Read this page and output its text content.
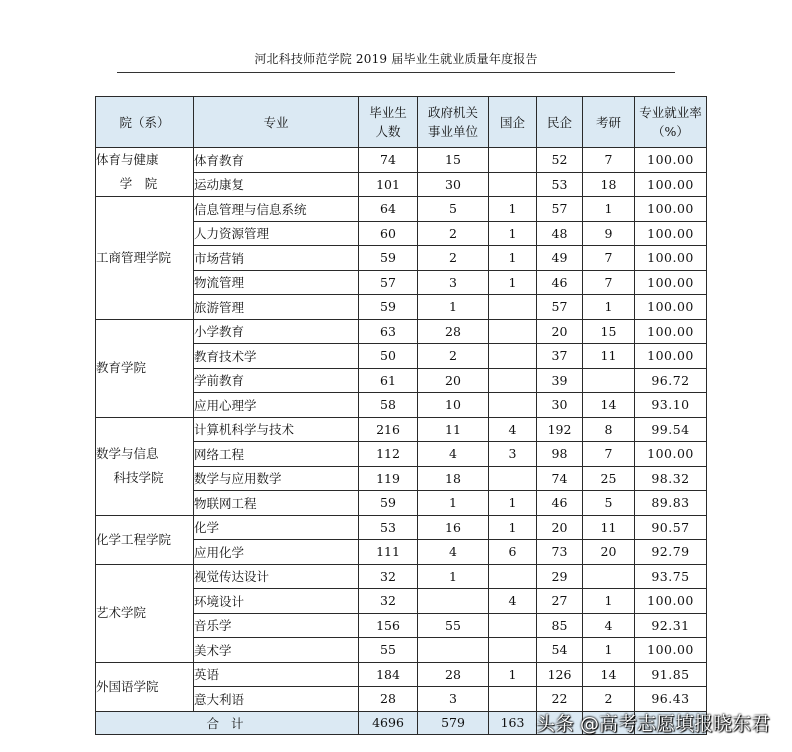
河北科技师范学院 2019 届毕业生就业质量年度报告
院（系）	专业	毕业生人数	政府机关事业单位	国企	民企	考研	专业就业率（%）

体育与健康
学　院	体育教育	74	15		52	7	100.00
	运动康复	101	30		53	18	100.00

工商管理学院	信息管理与信息系统	64	5	1	57	1	100.00
	人力资源管理	60	2	1	48	9	100.00
	市场营销	59	2	1	49	7	100.00
	物流管理	57	3	1	46	7	100.00
	旅游管理	59	1		57	1	100.00

教育学院	小学教育	63	28		20	15	100.00
	教育技术学	50	2		37	11	100.00
	学前教育	61	20		39		96.72
	应用心理学	58	10		30	14	93.10

数学与信息
科技学院	计算机科学与技术	216	11	4	192	8	99.54
	网络工程	112	4	3	98	7	100.00
	数学与应用数学	119	18		74	25	98.32
	物联网工程	59	1	1	46	5	89.83

化学工程学院	化学	53	16	1	20	11	90.57
	应用化学	111	4	6	73	20	92.79

艺术学院	视觉传达设计	32	1		29		93.75
	环境设计	32		4	27	1	100.00
	音乐学	156	55		85	4	92.31
	美术学	55			54	1	100.00

外国语学院	英语	184	28	1	126	14	91.85
	意大利语	28	3		22	2	96.43
合 计		4696	579	163			头条 @高考志愿填报晓东君
